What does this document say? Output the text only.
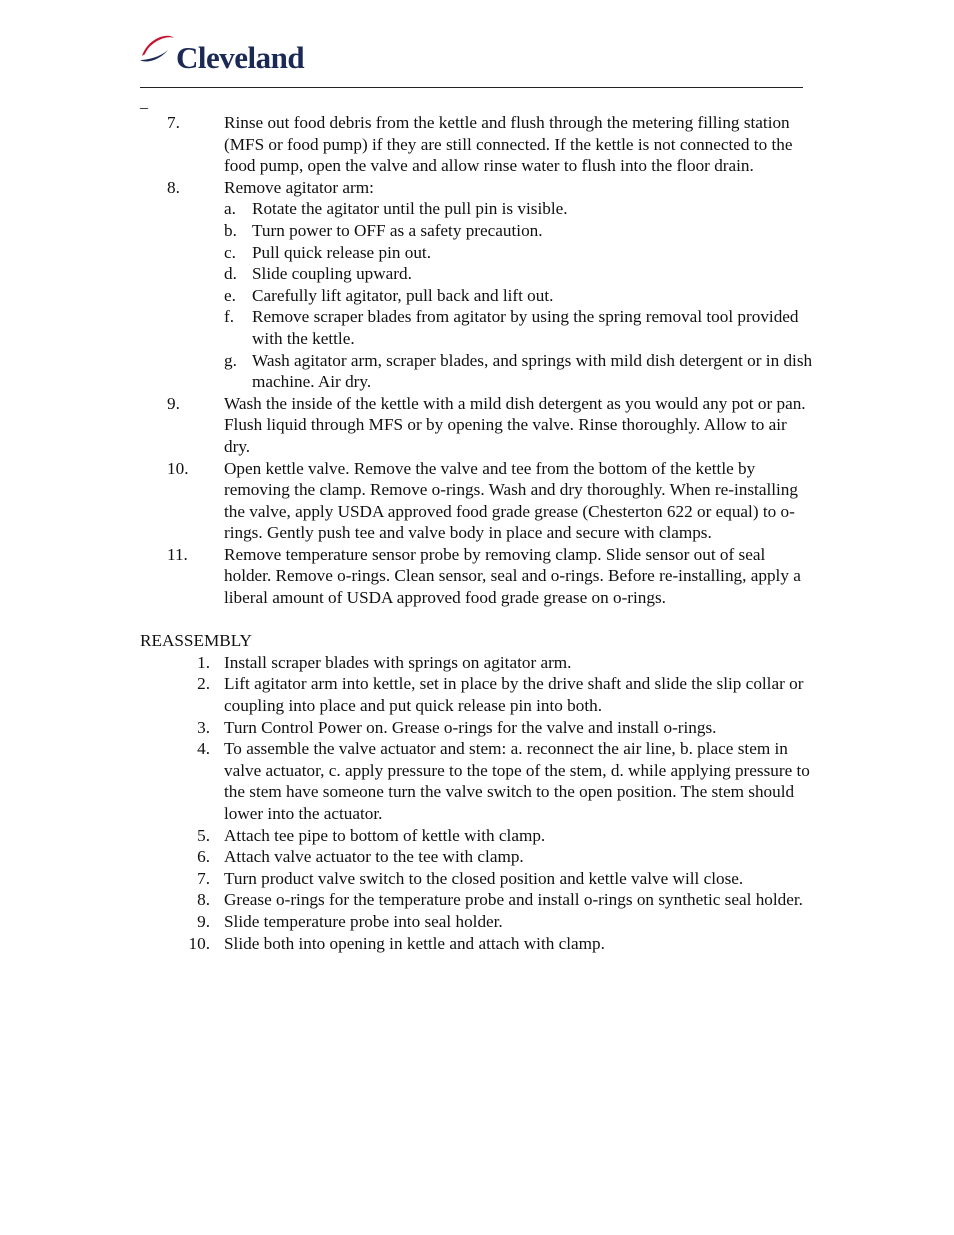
Cleveland
_
7.	Rinse out food debris from the kettle and flush through the metering filling station (MFS or food pump) if they are still connected. If the kettle is not connected to the food pump, open the valve and allow rinse water to flush into the floor drain.
8.	Remove agitator arm:
a. Rotate the agitator until the pull pin is visible.
b. Turn power to OFF as a safety precaution.
c. Pull quick release pin out.
d. Slide coupling upward.
e. Carefully lift agitator, pull back and lift out.
f. Remove scraper blades from agitator by using the spring removal tool provided with the kettle.
g. Wash agitator arm, scraper blades, and springs with mild dish detergent or in dish machine. Air dry.
9.	Wash the inside of the kettle with a mild dish detergent as you would any pot or pan. Flush liquid through MFS or by opening the valve. Rinse thoroughly. Allow to air dry.
10. Open kettle valve. Remove the valve and tee from the bottom of the kettle by removing the clamp. Remove o-rings. Wash and dry thoroughly. When re-installing the valve, apply USDA approved food grade grease (Chesterton 622 or equal) to o-rings. Gently push tee and valve body in place and secure with clamps.
11. Remove temperature sensor probe by removing clamp. Slide sensor out of seal holder. Remove o-rings. Clean sensor, seal and o-rings. Before re-installing, apply a liberal amount of USDA approved food grade grease on o-rings.
REASSEMBLY
1. Install scraper blades with springs on agitator arm.
2. Lift agitator arm into kettle, set in place by the drive shaft and slide the slip collar or coupling into place and put quick release pin into both.
3. Turn Control Power on. Grease o-rings for the valve and install o-rings.
4. To assemble the valve actuator and stem: a. reconnect the air line, b. place stem in valve actuator, c. apply pressure to the tope of the stem, d. while applying pressure to the stem have someone turn the valve switch to the open position. The stem should lower into the actuator.
5. Attach tee pipe to bottom of kettle with clamp.
6. Attach valve actuator to the tee with clamp.
7. Turn product valve switch to the closed position and kettle valve will close.
8. Grease o-rings for the temperature probe and install o-rings on synthetic seal holder.
9. Slide temperature probe into seal holder.
10. Slide both into opening in kettle and attach with clamp.
